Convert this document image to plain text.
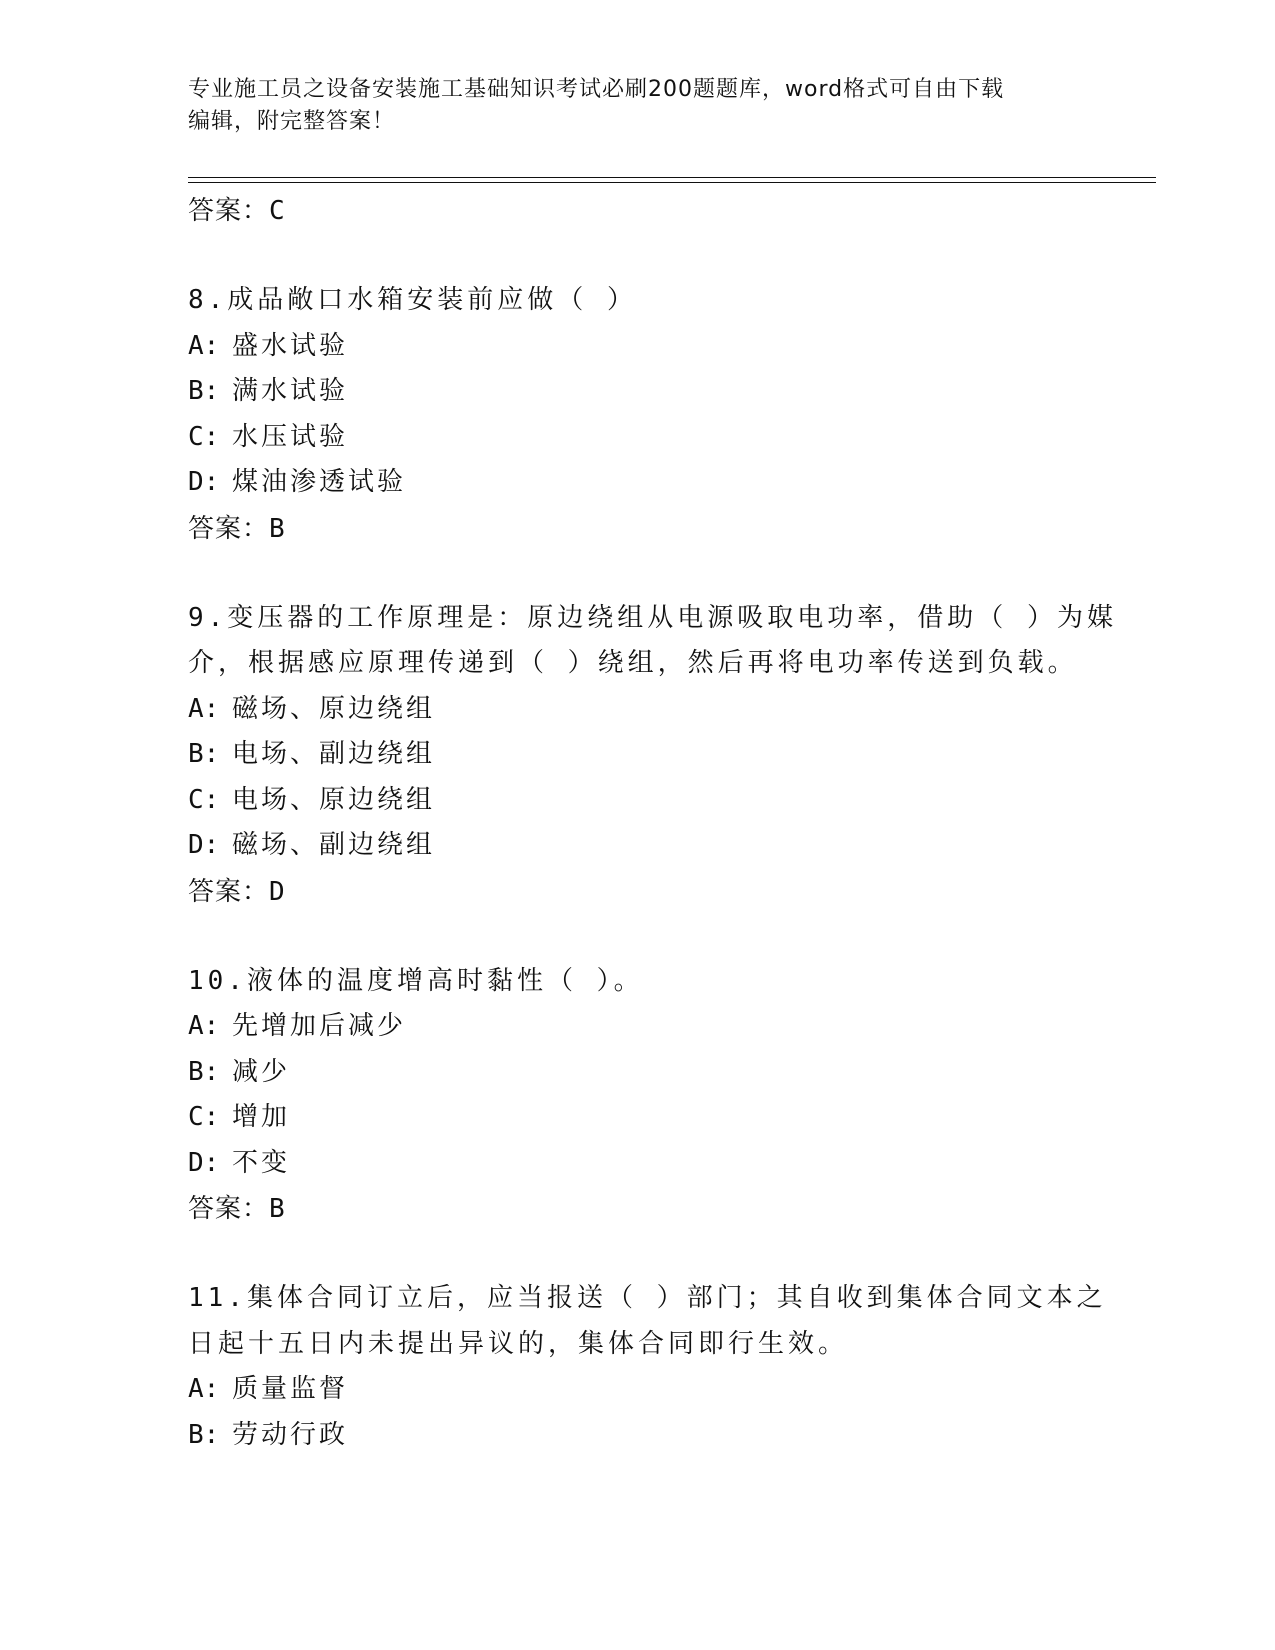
专业施工员之设备安装施工基础知识考试必刷200题题库，word格式可自由下载
编辑，附完整答案！
答案：C
8.成品敞口水箱安装前应做（ ）
A: 盛水试验
B: 满水试验
C: 水压试验
D: 煤油渗透试验
答案：B
9.变压器的工作原理是：原边绕组从电源吸取电功率，借助（ ）为媒
介，根据感应原理传递到（ ）绕组，然后再将电功率传送到负载。
A: 磁场、原边绕组
B: 电场、副边绕组
C: 电场、原边绕组
D: 磁场、副边绕组
答案：D
10.液体的温度增高时黏性（ ）。
A: 先增加后减少
B: 减少
C: 增加
D: 不变
答案：B
11.集体合同订立后，应当报送（ ）部门；其自收到集体合同文本之
日起十五日内未提出异议的，集体合同即行生效。
A: 质量监督
B: 劳动行政
